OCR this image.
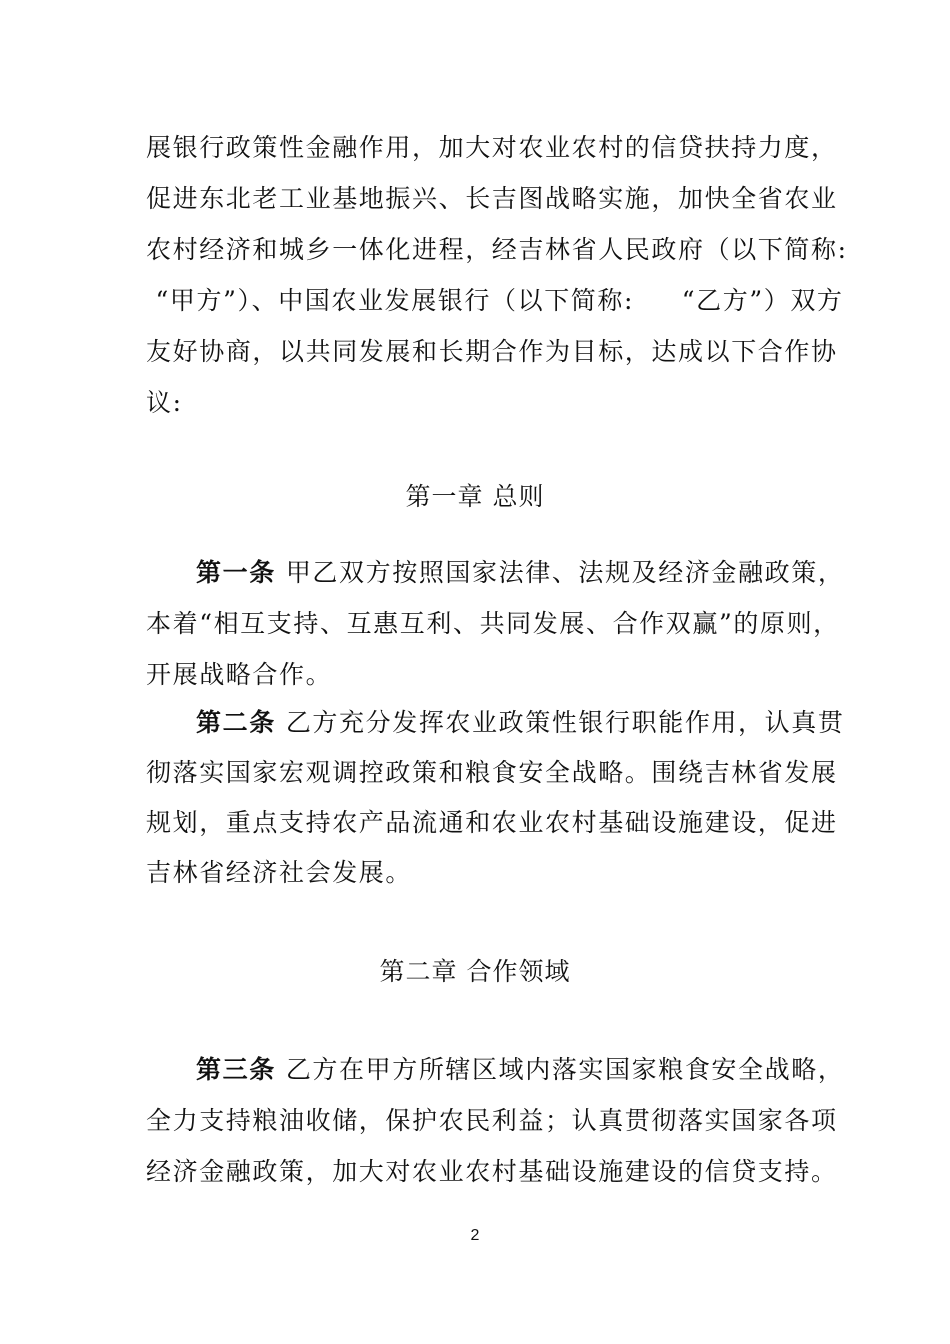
展银行政策性金融作用，加大对农业农村的信贷扶持力度，
促进东北老工业基地振兴、长吉图战略实施，加快全省农业
农村经济和城乡一体化进程，经吉林省人民政府（以下简称:
“甲方”）、中国农业发展银行（以下简称:     “乙方”）双方
友好协商，以共同发展和长期合作为目标，达成以下合作协
议:
第一章 总则
第一条 甲乙双方按照国家法律、法规及经济金融政策，
本着“相互支持、互惠互利、共同发展、合作双赢”的原则，
开展战略合作。
第二条 乙方充分发挥农业政策性银行职能作用，认真贯
彻落实国家宏观调控政策和粮食安全战略。围绕吉林省发展
规划，重点支持农产品流通和农业农村基础设施建设，促进
吉林省经济社会发展。
第二章 合作领域
第三条 乙方在甲方所辖区域内落实国家粮食安全战略，
全力支持粮油收储，保护农民利益；认真贯彻落实国家各项
经济金融政策，加大对农业农村基础设施建设的信贷支持。
2
